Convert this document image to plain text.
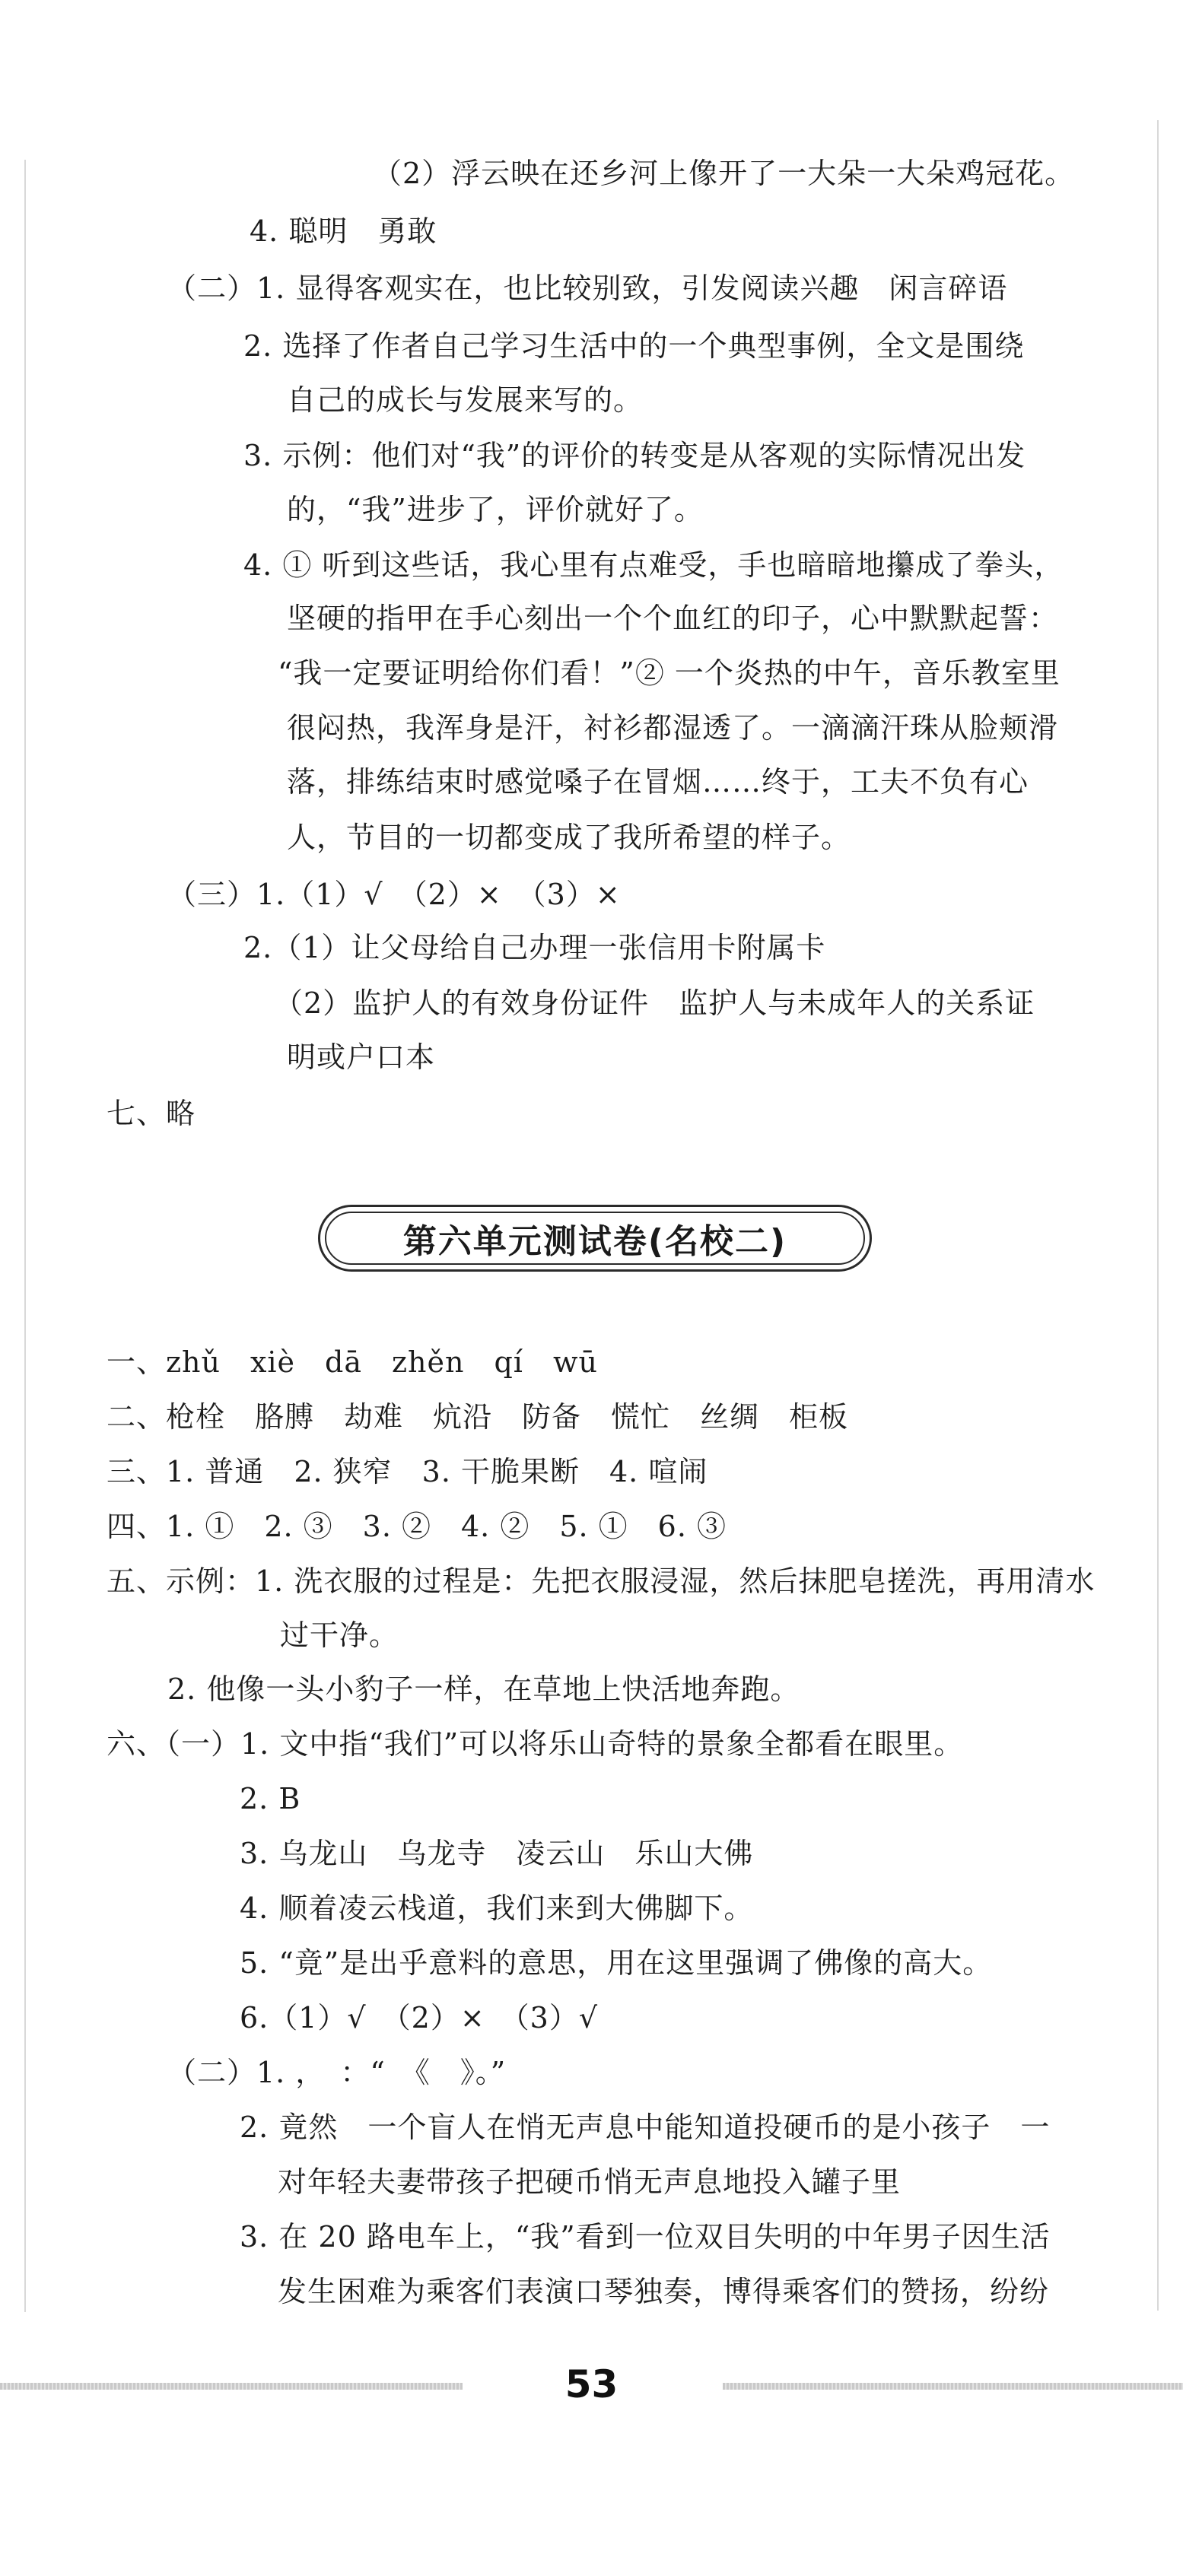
（2）浮云映在还乡河上像开了一大朵一大朵鸡冠花。
4. 聪明　勇敢
（二）1. 显得客观实在，也比较别致，引发阅读兴趣　闲言碎语
2. 选择了作者自己学习生活中的一个典型事例，全文是围绕
自己的成长与发展来写的。
3. 示例：他们对“我”的评价的转变是从客观的实际情况出发
的，“我”进步了，评价就好了。
4. ① 听到这些话，我心里有点难受，手也暗暗地攥成了拳头，
坚硬的指甲在手心刻出一个个血红的印子，心中默默起誓：
“我一定要证明给你们看！”② 一个炎热的中午，音乐教室里
很闷热，我浑身是汗，衬衫都湿透了。一滴滴汗珠从脸颊滑
落，排练结束时感觉嗓子在冒烟……终于，工夫不负有心
人，节目的一切都变成了我所希望的样子。
（三）1.（1）√　（2）×　（3）×
2.（1）让父母给自己办理一张信用卡附属卡
（2）监护人的有效身份证件　监护人与未成年人的关系证
明或户口本
七、略
第六单元测试卷(名校二)
一、zhǔ　xiè　dā　zhěn　qí　wū
二、枪栓　胳膊　劫难　炕沿　防备　慌忙　丝绸　柜板
三、1. 普通　2. 狭窄　3. 干脆果断　4. 喧闹
四、1. ①　2. ③　3. ②　4. ②　5. ①　6. ③
五、示例：1. 洗衣服的过程是：先把衣服浸湿，然后抹肥皂搓洗，再用清水
过干净。
2. 他像一头小豹子一样，在草地上快活地奔跑。
六、（一）1. 文中指“我们”可以将乐山奇特的景象全都看在眼里。
2. B
3. 乌龙山　乌龙寺　凌云山　乐山大佛
4. 顺着凌云栈道，我们来到大佛脚下。
5. “竟”是出乎意料的意思，用在这里强调了佛像的高大。
6.（1）√　（2）×　（3）√
（二）1. ，　：“　《　》。”
2. 竟然　一个盲人在悄无声息中能知道投硬币的是小孩子　一
对年轻夫妻带孩子把硬币悄无声息地投入罐子里
3. 在 20 路电车上，“我”看到一位双目失明的中年男子因生活
发生困难为乘客们表演口琴独奏，博得乘客们的赞扬，纷纷
53
